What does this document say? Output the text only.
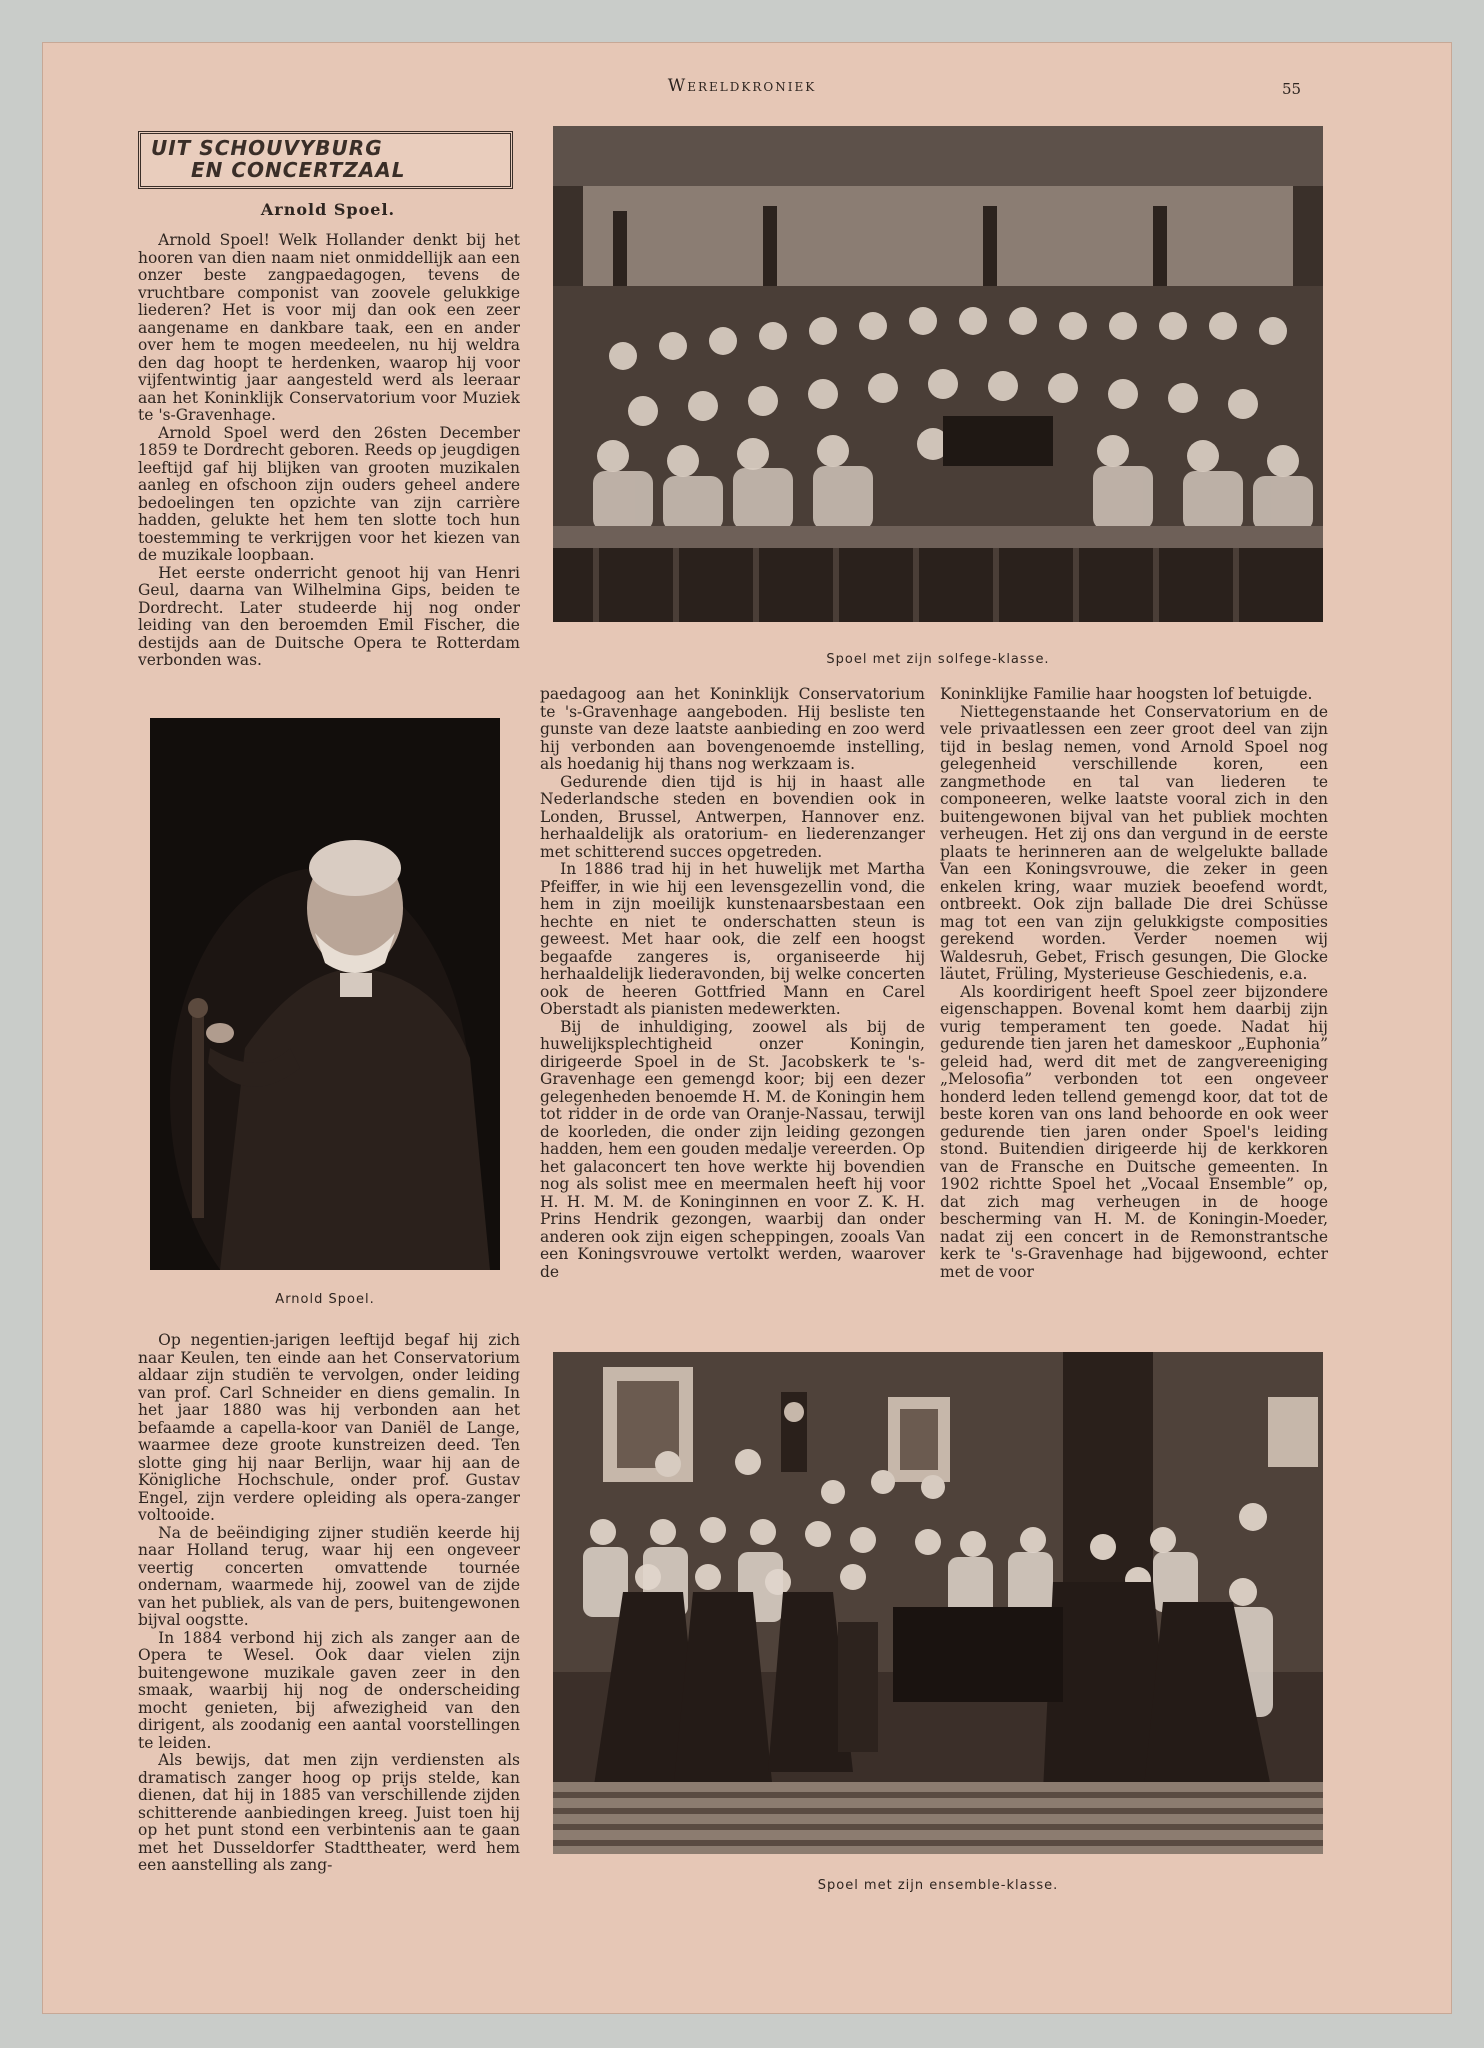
Wereldkroniek	55
UIT SCHOUVYBURG
EN CONCERTZAAL
Arnold Spoel.

Arnold Spoel! Welk Hollander denkt bij het hooren van dien naam niet onmiddellijk aan een onzer beste zangpaedagogen, tevens de vruchtbare componist van zoovele gelukkige liederen? Het is voor mij dan ook een zeer aangename en dankbare taak, een en ander over hem te mogen meedeelen, nu hij weldra den dag hoopt te herdenken, waarop hij voor vijfentwintig jaar aangesteld werd als leeraar aan het Koninklijk Conservatorium voor Muziek te 's-Gravenhage.

Arnold Spoel werd den 26sten December 1859 te Dordrecht geboren. Reeds op jeugdigen leeftijd gaf hij blijken van grooten muzikalen aanleg en ofschoon zijn ouders geheel andere bedoelingen ten opzichte van zijn carrière hadden, gelukte het hem ten slotte toch hun toestemming te verkrijgen voor het kiezen van de muzikale loopbaan.

Het eerste onderricht genoot hij van Henri Geul, daarna van Wilhelmina Gips, beiden te Dordrecht. Later studeerde hij nog onder leiding van den beroemden Emil Fischer, die destijds aan de Duitsche Opera te Rotterdam verbonden was.	Spoel met zijn solfege-klasse.
Arnold Spoel.

Op negentien-jarigen leeftijd begaf hij zich naar Keulen, ten einde aan het Conservatorium aldaar zijn studiën te vervolgen, onder leiding van prof. Carl Schneider en diens gemalin. In het jaar 1880 was hij verbonden aan het befaamde a capella-koor van Daniël de Lange, waarmee deze groote kunstreizen deed. Ten slotte ging hij naar Berlijn, waar hij aan de Königliche Hochschule, onder prof. Gustav Engel, zijn verdere opleiding als opera-zanger voltooide.

Na de beëindiging zijner studiën keerde hij naar Holland terug, waar hij een ongeveer veertig concerten omvattende tournée ondernam, waarmede hij, zoowel van de zijde van het publiek, als van de pers, buitengewonen bijval oogstte.

In 1884 verbond hij zich als zanger aan de Opera te Wesel. Ook daar vielen zijn buitengewone muzikale gaven zeer in den smaak, waarbij hij nog de onderscheiding mocht genieten, bij afwezigheid van den dirigent, als zoodanig een aantal voorstellingen te leiden.

Als bewijs, dat men zijn verdiensten als dramatisch zanger hoog op prijs stelde, kan dienen, dat hij in 1885 van verschillende zijden schitterende aanbiedingen kreeg. Juist toen hij op het punt stond een verbintenis aan te gaan met het Dusseldorfer Stadttheater, werd hem een aanstelling als zang-

paedagoog aan het Koninklijk Conservatorium te 's-Gravenhage aangeboden. Hij besliste ten gunste van deze laatste aanbieding en zoo werd hij verbonden aan bovengenoemde instelling, als hoedanig hij thans nog werkzaam is.

Gedurende dien tijd is hij in haast alle Nederlandsche steden en bovendien ook in Londen, Brussel, Antwerpen, Hannover enz. herhaaldelijk als oratorium- en liederenzanger met schitterend succes opgetreden.

In 1886 trad hij in het huwelijk met Martha Pfeiffer, in wie hij een levensgezellin vond, die hem in zijn moeilijk kunstenaarsbestaan een hechte en niet te onderschatten steun is geweest. Met haar ook, die zelf een hoogst begaafde zangeres is, organiseerde hij herhaaldelijk liederavonden, bij welke concerten ook de heeren Gottfried Mann en Carel Oberstadt als pianisten medewerkten.

Bij de inhuldiging, zoowel als bij de huwelijksplechtigheid onzer Koningin, dirigeerde Spoel in de St. Jacobskerk te 's-Gravenhage een gemengd koor; bij een dezer gelegenheden benoemde H. M. de Koningin hem tot ridder in de orde van Oranje-Nassau, terwijl de koorleden, die onder zijn leiding gezongen hadden, hem een gouden medalje vereerden. Op het galaconcert ten hove werkte hij bovendien nog als solist mee en meermalen heeft hij voor H. H. M. M. de Koninginnen en voor Z. K. H. Prins Hendrik gezongen, waarbij dan onder anderen ook zijn eigen scheppingen, zooals Van een Koningsvrouwe vertolkt werden, waarover de

Koninklijke Familie haar hoogsten lof betuigde.

Niettegenstaande het Conservatorium en de vele privaatlessen een zeer groot deel van zijn tijd in beslag nemen, vond Arnold Spoel nog gelegenheid verschillende koren, een zangmethode en tal van liederen te componeeren, welke laatste vooral zich in den buitengewonen bijval van het publiek mochten verheugen. Het zij ons dan vergund in de eerste plaats te herinneren aan de welgelukte ballade Van een Koningsvrouwe, die zeker in geen enkelen kring, waar muziek beoefend wordt, ontbreekt. Ook zijn ballade Die drei Schüsse mag tot een van zijn gelukkigste composities gerekend worden. Verder noemen wij Waldesruh, Gebet, Frisch gesungen, Die Glocke läutet, Früling, Mysterieuse Geschiedenis, e.a.

Als koordirigent heeft Spoel zeer bijzondere eigenschappen. Bovenal komt hem daarbij zijn vurig temperament ten goede. Nadat hij gedurende tien jaren het dameskoor „Euphonia” geleid had, werd dit met de zangvereeniging „Melosofia” verbonden tot een ongeveer honderd leden tellend gemengd koor, dat tot de beste koren van ons land behoorde en ook weer gedurende tien jaren onder Spoel's leiding stond. Buitendien dirigeerde hij de kerkkoren van de Fransche en Duitsche gemeenten. In 1902 richtte Spoel het „Vocaal Ensemble” op, dat zich mag verheugen in de hooge bescherming van H. M. de Koningin-Moeder, nadat zij een concert in de Remonstrantsche kerk te 's-Gravenhage had bijgewoond, echter met de voor

Spoel met zijn ensemble-klasse.
